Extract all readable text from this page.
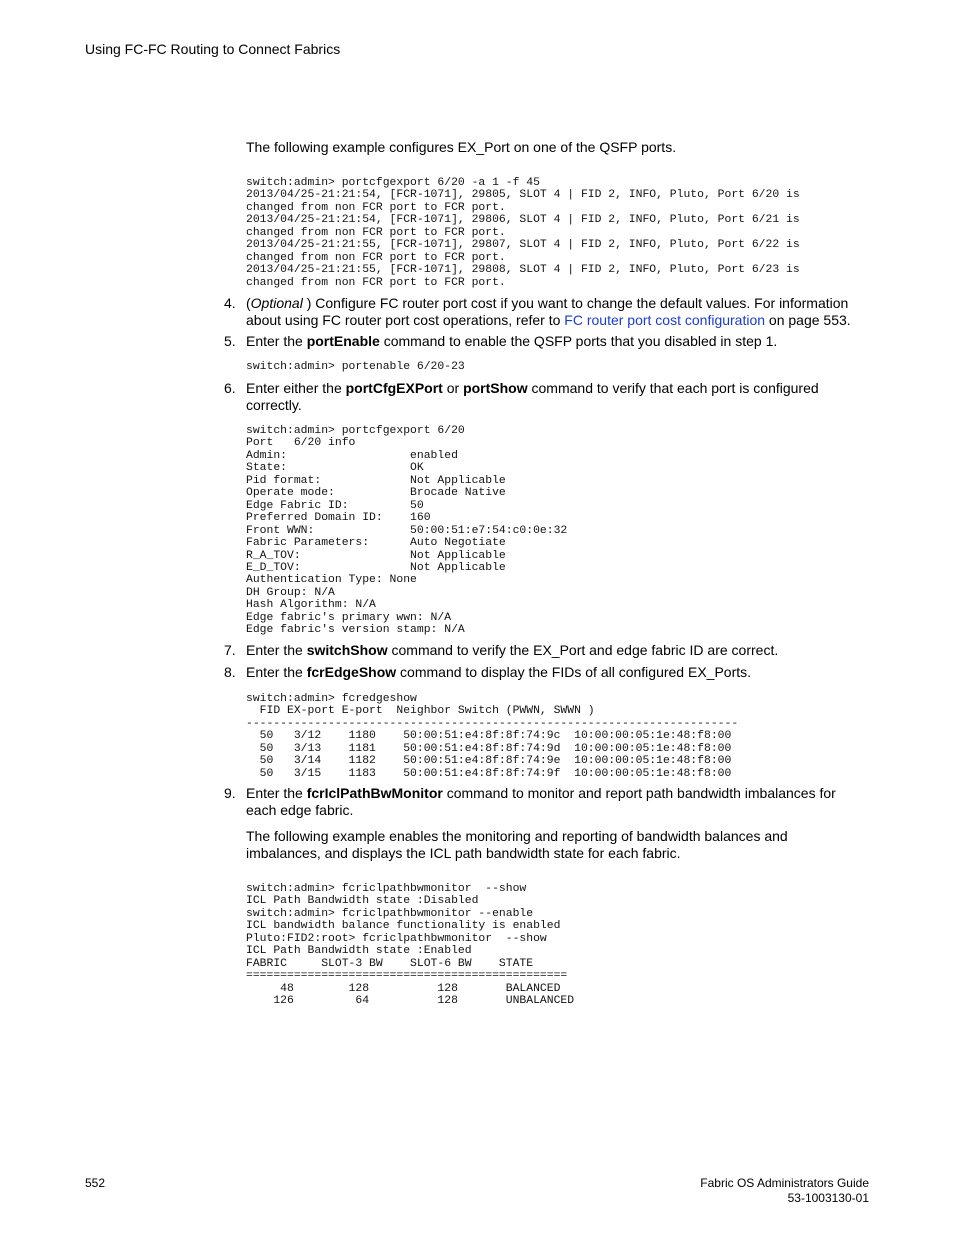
Using FC-FC Routing to Connect Fabrics
The following example configures EX_Port on one of the QSFP ports.
switch:admin> portcfgexport 6/20 -a 1 -f 45
2013/04/25-21:21:54, [FCR-1071], 29805, SLOT 4 | FID 2, INFO, Pluto, Port 6/20 is
changed from non FCR port to FCR port.
2013/04/25-21:21:54, [FCR-1071], 29806, SLOT 4 | FID 2, INFO, Pluto, Port 6/21 is
changed from non FCR port to FCR port.
2013/04/25-21:21:55, [FCR-1071], 29807, SLOT 4 | FID 2, INFO, Pluto, Port 6/22 is
changed from non FCR port to FCR port.
2013/04/25-21:21:55, [FCR-1071], 29808, SLOT 4 | FID 2, INFO, Pluto, Port 6/23 is
changed from non FCR port to FCR port.
4. (Optional ) Configure FC router port cost if you want to change the default values. For information about using FC router port cost operations, refer to FC router port cost configuration on page 553.
5. Enter the portEnable command to enable the QSFP ports that you disabled in step 1.
switch:admin> portenable 6/20-23
6. Enter either the portCfgEXPort or portShow command to verify that each port is configured correctly.
switch:admin> portcfgexport 6/20
Port   6/20 info
Admin:                  enabled
State:                  OK
Pid format:             Not Applicable
Operate mode:           Brocade Native
Edge Fabric ID:         50
Preferred Domain ID:    160
Front WWN:              50:00:51:e7:54:c0:0e:32
Fabric Parameters:      Auto Negotiate
R_A_TOV:                Not Applicable
E_D_TOV:                Not Applicable
Authentication Type: None
DH Group: N/A
Hash Algorithm: N/A
Edge fabric's primary wwn: N/A
Edge fabric's version stamp: N/A
7. Enter the switchShow command to verify the EX_Port and edge fabric ID are correct.
8. Enter the fcrEdgeShow command to display the FIDs of all configured EX_Ports.
switch:admin> fcredgeshow
FID EX-port E-port  Neighbor Switch (PWWN, SWWN )
------------------------------------------------------------------------
50   3/12    1180    50:00:51:e4:8f:8f:74:9c  10:00:00:05:1e:48:f8:00
50   3/13    1181    50:00:51:e4:8f:8f:74:9d  10:00:00:05:1e:48:f8:00
50   3/14    1182    50:00:51:e4:8f:8f:74:9e  10:00:00:05:1e:48:f8:00
50   3/15    1183    50:00:51:e4:8f:8f:74:9f  10:00:00:05:1e:48:f8:00
9. Enter the fcrIclPathBwMonitor command to monitor and report path bandwidth imbalances for each edge fabric.
The following example enables the monitoring and reporting of bandwidth balances and imbalances, and displays the ICL path bandwidth state for each fabric.
switch:admin> fcriclpathbwmonitor  --show
ICL Path Bandwidth state :Disabled
switch:admin> fcriclpathbwmonitor --enable
ICL bandwidth balance functionality is enabled
Pluto:FID2:root> fcriclpathbwmonitor  --show
ICL Path Bandwidth state :Enabled
FABRIC     SLOT-3 BW    SLOT-6 BW    STATE
===============================================
48        128          128       BALANCED
126         64          128       UNBALANCED
552	Fabric OS Administrators Guide
53-1003130-01
